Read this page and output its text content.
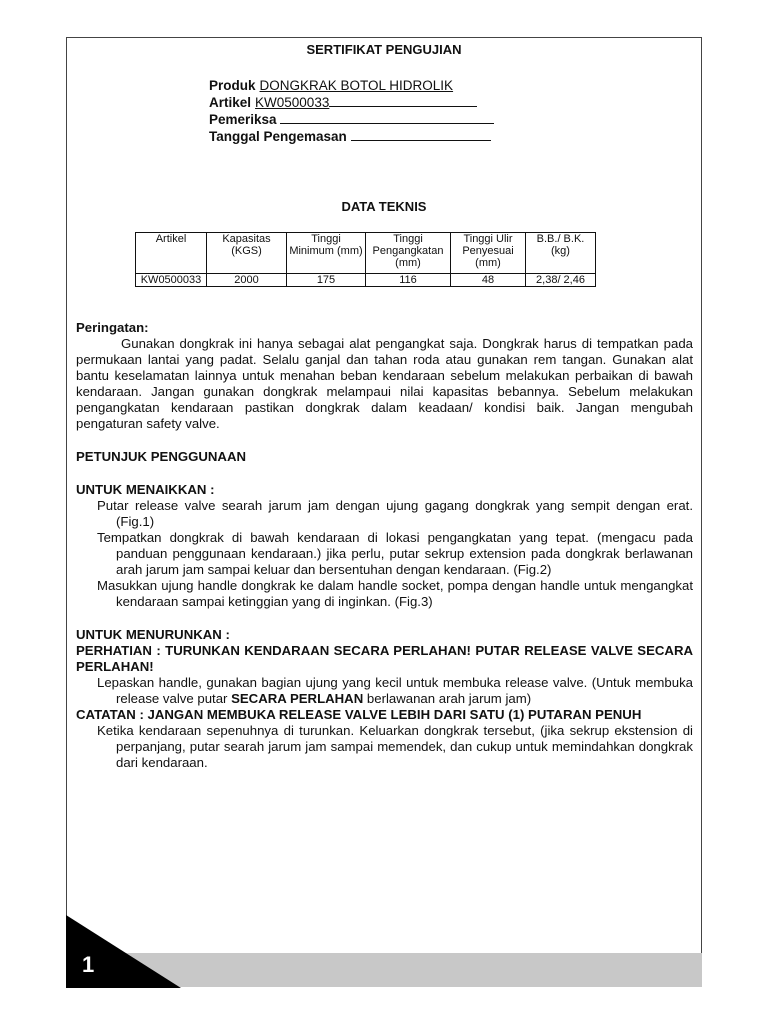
SERTIFIKAT PENGUJIAN
Produk DONGKRAK BOTOL HIDROLIK
Artikel KW0500033
Pemeriksa
Tanggal Pengemasan
DATA TEKNIS
Artikel	Kapasitas (KGS)	Tinggi Minimum (mm)	Tinggi Pengangkatan (mm)	Tinggi Ulir Penyesuai (mm)	B.B./ B.K. (kg)
KW0500033	2000	175	116	48	2,38/ 2,46
Peringatan:
Gunakan dongkrak ini hanya sebagai alat pengangkat saja. Dongkrak harus di tempatkan pada permukaan lantai yang padat. Selalu ganjal dan tahan roda atau gunakan rem tangan. Gunakan alat bantu keselamatan lainnya untuk menahan beban kendaraan sebelum melakukan perbaikan di bawah kendaraan. Jangan gunakan dongkrak melampaui nilai kapasitas bebannya. Sebelum melakukan pengangkatan kendaraan pastikan dongkrak dalam keadaan/ kondisi baik. Jangan mengubah pengaturan safety valve.
PETUNJUK PENGGUNAAN
UNTUK MENAIKKAN :
Putar release valve searah jarum jam dengan ujung gagang dongkrak yang sempit dengan erat. (Fig.1)
Tempatkan dongkrak di bawah kendaraan di lokasi pengangkatan yang tepat. (mengacu pada panduan penggunaan kendaraan.) jika perlu, putar sekrup extension pada dongkrak berlawanan arah jarum jam sampai keluar dan bersentuhan dengan kendaraan. (Fig.2)
Masukkan ujung handle dongkrak ke dalam handle socket, pompa dengan handle untuk mengangkat kendaraan sampai ketinggian yang di inginkan. (Fig.3)
UNTUK MENURUNKAN :
PERHATIAN : TURUNKAN KENDARAAN SECARA PERLAHAN! PUTAR RELEASE VALVE SECARA PERLAHAN!
Lepaskan handle, gunakan bagian ujung yang kecil untuk membuka release valve. (Untuk membuka release valve putar SECARA PERLAHAN berlawanan arah jarum jam)
CATATAN : JANGAN MEMBUKA RELEASE VALVE LEBIH DARI SATU (1) PUTARAN PENUH
Ketika kendaraan sepenuhnya di turunkan. Keluarkan dongkrak tersebut, (jika sekrup ekstension di perpanjang, putar searah jarum jam sampai memendek, dan cukup untuk memindahkan dongkrak dari kendaraan.
1
